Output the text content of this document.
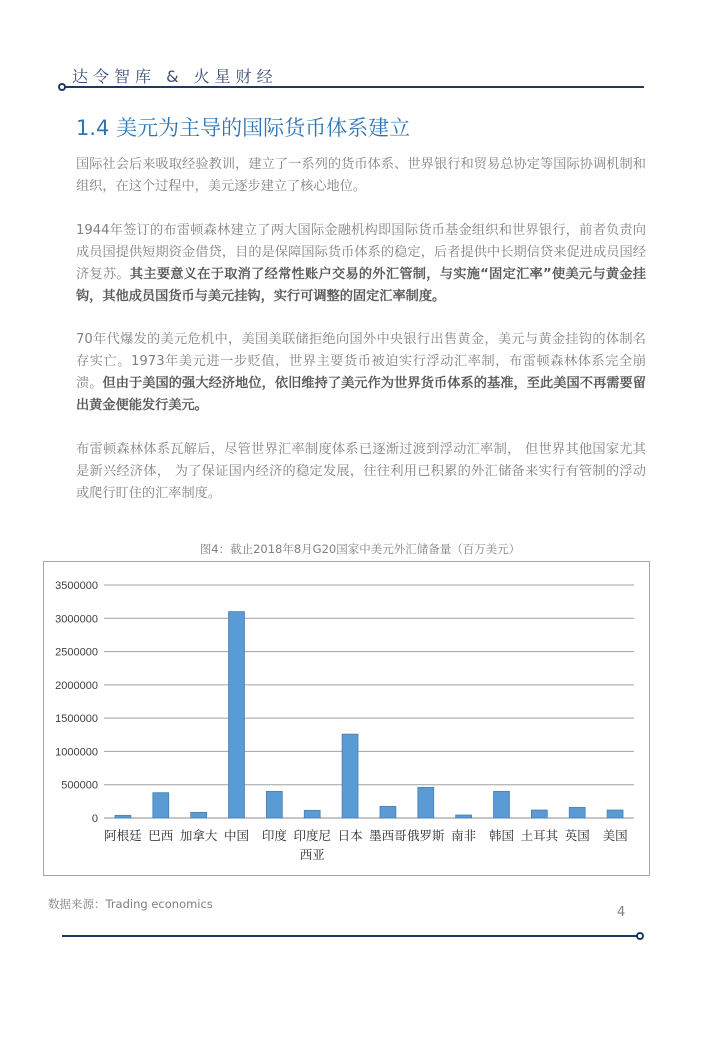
达令智库 & 火星财经
1.4 美元为主导的国际货币体系建立

国际社会后来吸取经验教训，建立了一系列的货币体系、世界银行和贸易总协定等国际协调机制和组织，在这个过程中，美元逐步建立了核心地位。

1944年签订的布雷顿森林建立了两大国际金融机构即国际货币基金组织和世界银行，前者负责向成员国提供短期资金借贷，目的是保障国际货币体系的稳定，后者提供中长期信贷来促进成员国经济复苏。其主要意义在于取消了经常性账户交易的外汇管制，与实施“固定汇率”使美元与黄金挂钩，其他成员国货币与美元挂钩，实行可调整的固定汇率制度。

70年代爆发的美元危机中，美国美联储拒绝向国外中央银行出售黄金，美元与黄金挂钩的体制名存实亡。1973年美元进一步贬值，世界主要货币被迫实行浮动汇率制，布雷顿森林体系完全崩溃。但由于美国的强大经济地位，依旧维持了美元作为世界货币体系的基准，至此美国不再需要留出黄金便能发行美元。

布雷顿森林体系瓦解后，尽管世界汇率制度体系已逐渐过渡到浮动汇率制， 但世界其他国家尤其是新兴经济体， 为了保证国内经济的稳定发展，往往利用已积累的外汇储备来实行有管制的浮动或爬行盯住的汇率制度。

图4：截止2018年8月G20国家中美元外汇储备量（百万美元）
0
500000
1000000
1500000
2000000
2500000
3000000
3500000
阿根廷 巴西 加拿大 中国 印度 印度尼
西亚
日本 墨西哥 俄罗斯 南非 韩国 土耳其 英国 美国
数据来源：Trading economics
4
